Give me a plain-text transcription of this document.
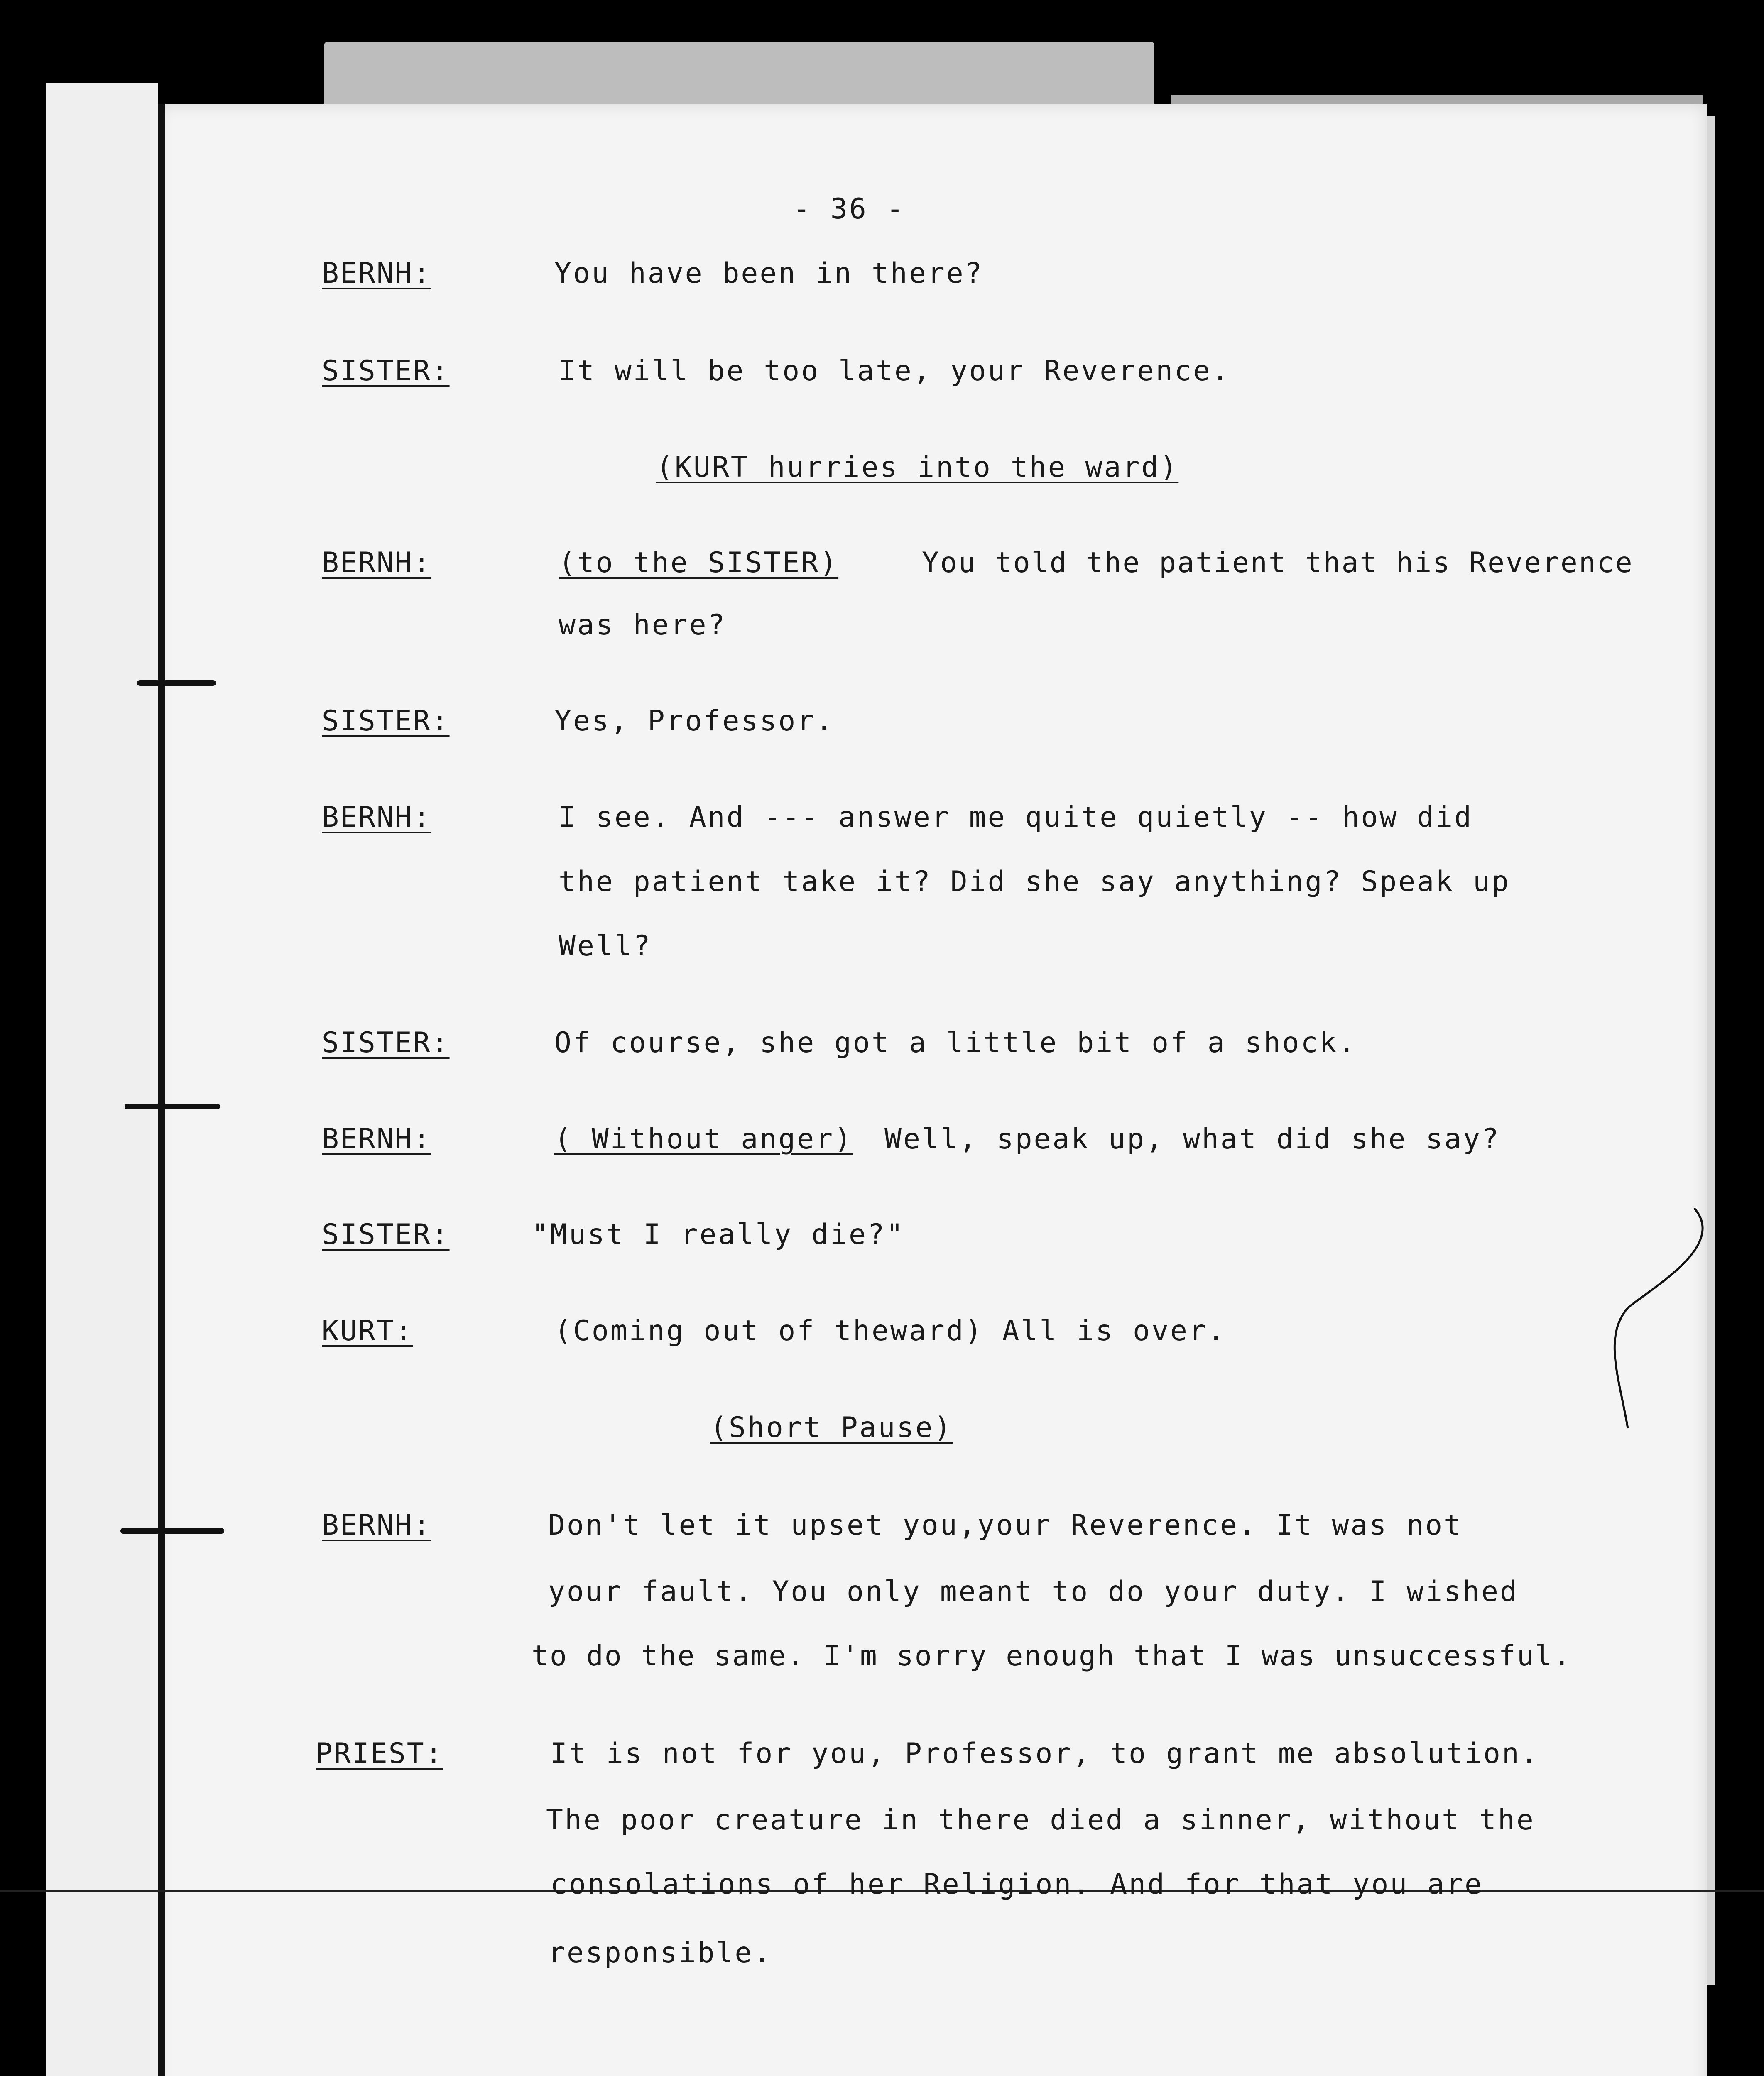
- 36 -
BERNH:	You have been in there?
SISTER:	It will be too late, your Reverence.
(KURT hurries into the ward)
BERNH:	(to the SISTER)	You told the patient that his Reverence
was here?
SISTER:	Yes, Professor.
BERNH:	I see. And --- answer me quite quietly -- how did
the patient take it? Did she say anything? Speak up
Well?
SISTER:	Of course, she got a little bit of a shock.
BERNH:	( Without anger) Well, speak up, what did she say?
SISTER:	"Must I really die?"
KURT:	(Coming out of theward) All is over.
(Short Pause)
BERNH:	Don't let it upset you,your Reverence. It was not
your fault. You only meant to do your duty. I wished
to do the same. I'm sorry enough that I was unsuccessful.
PRIEST:	It is not for you, Professor, to grant me absolution.
The poor creature in there died a sinner, without the
consolations of her Religion. And for that you are
responsible.
